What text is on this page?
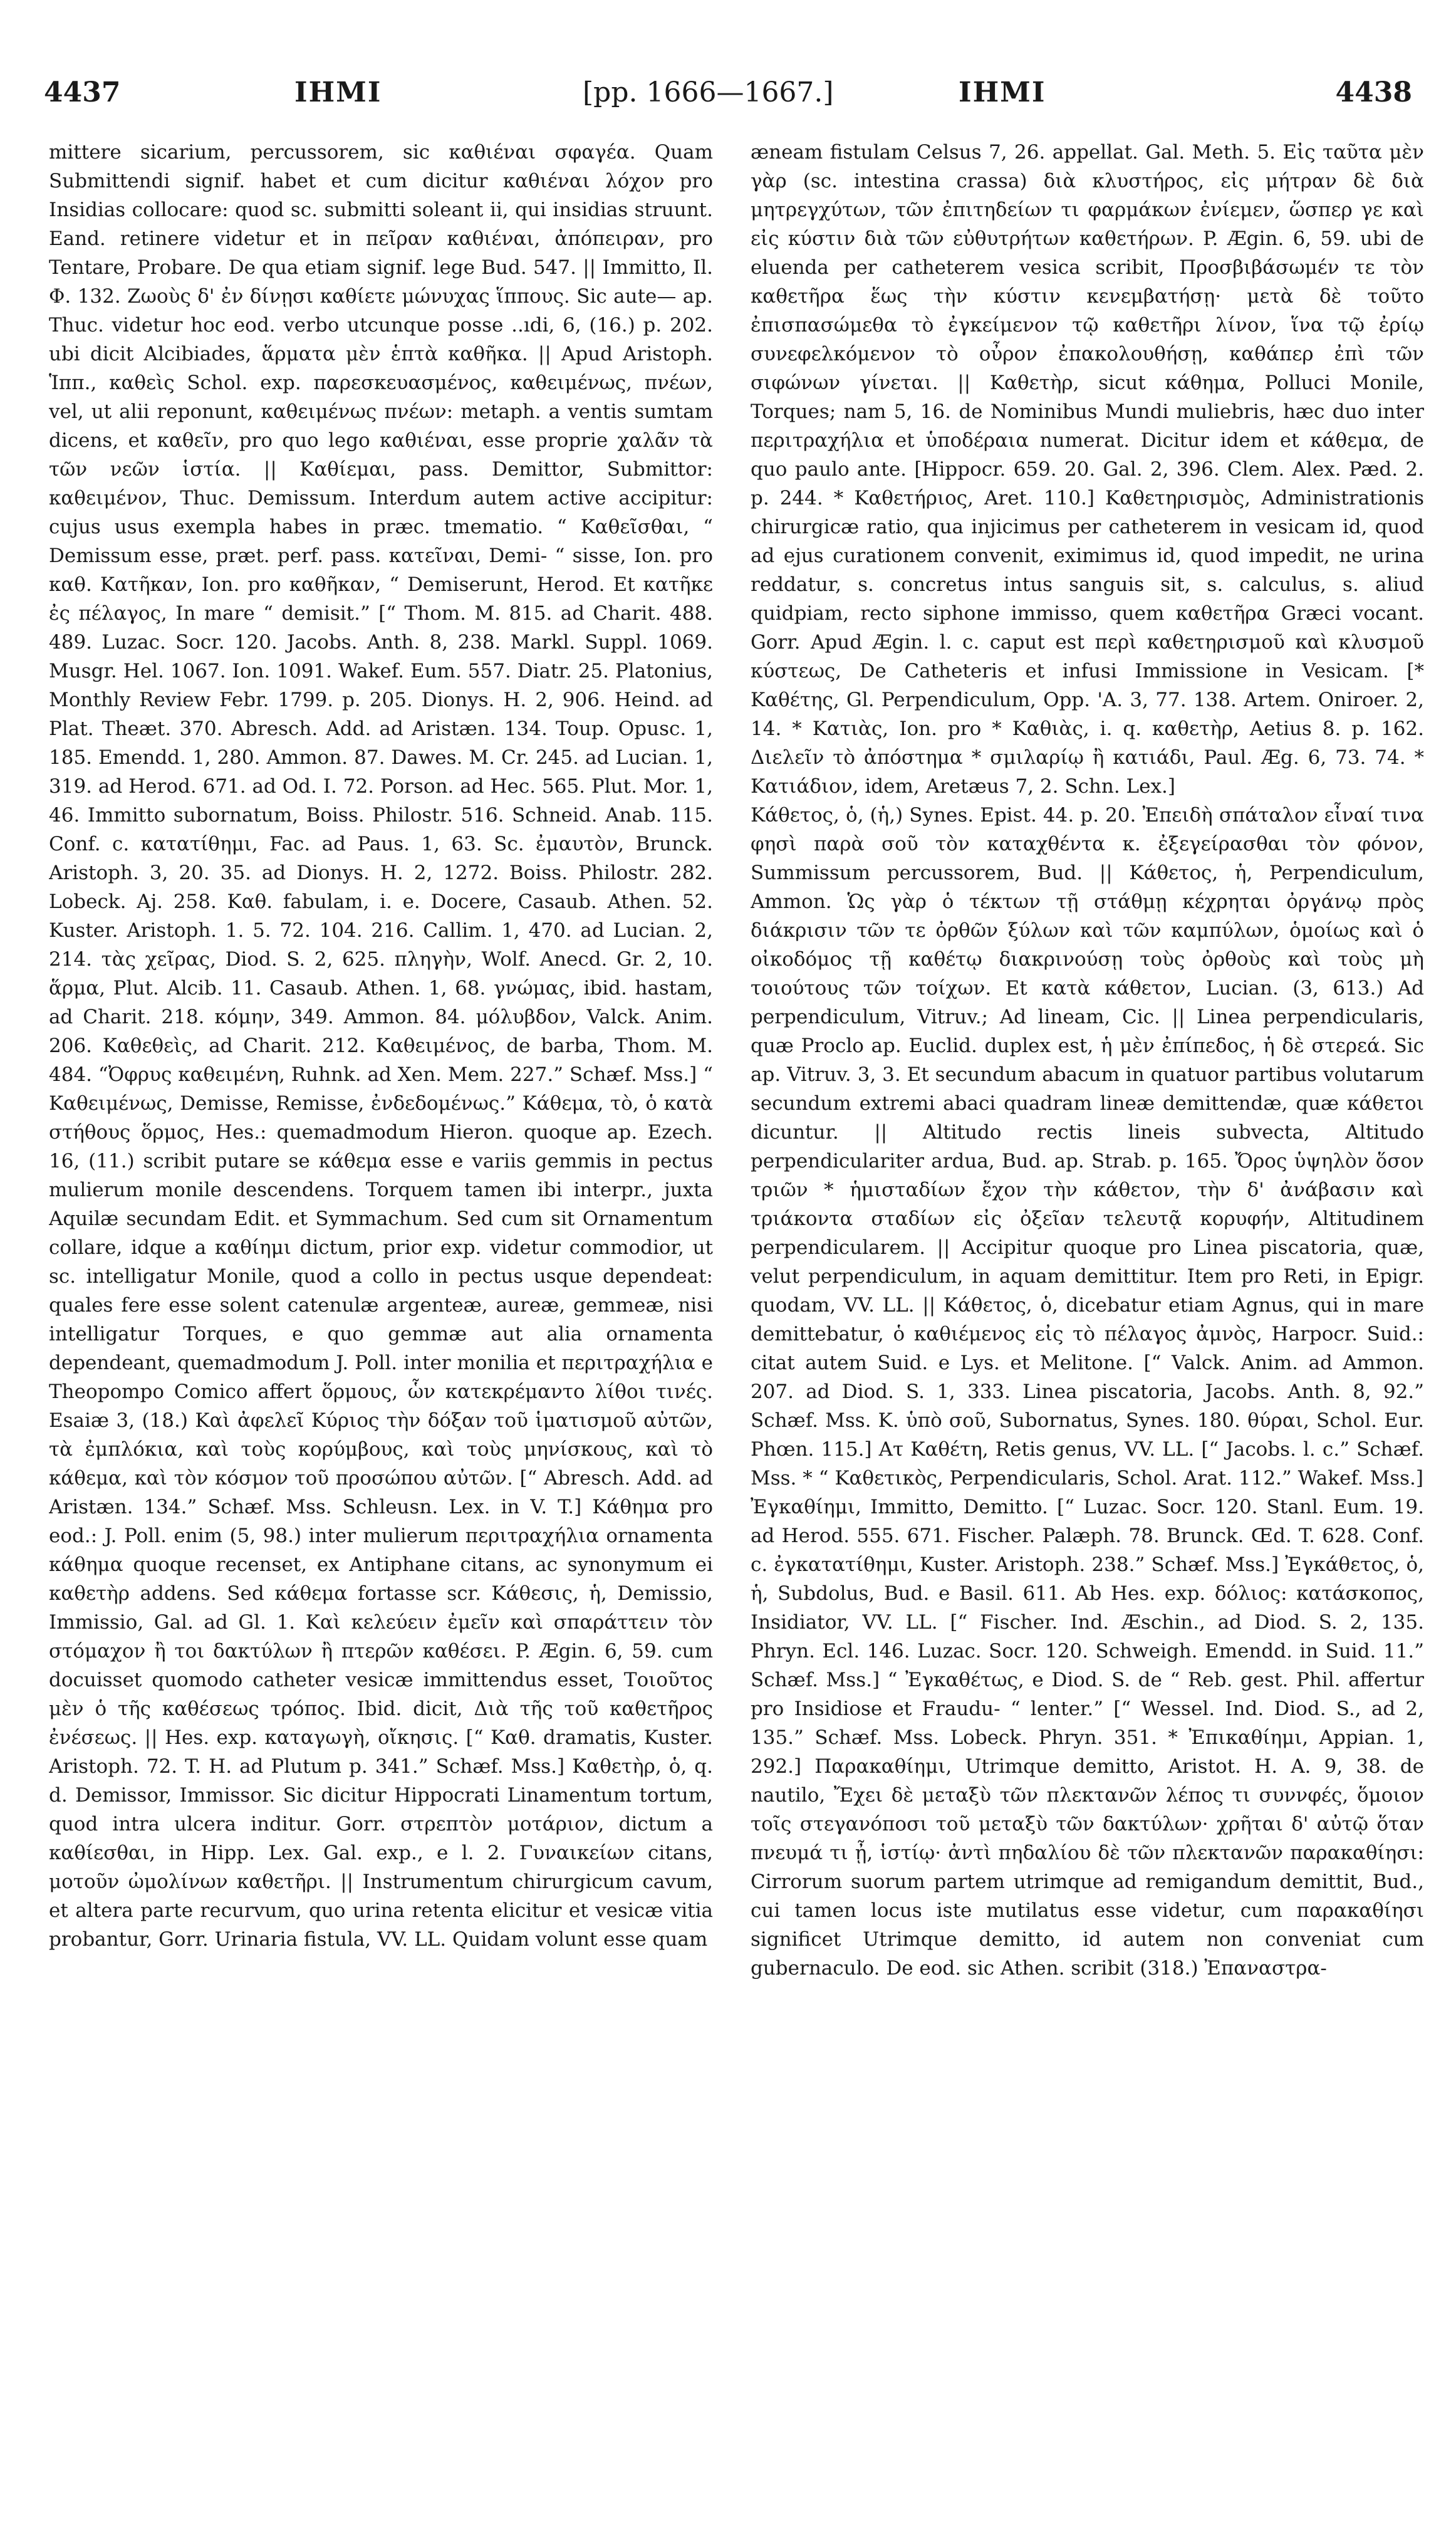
4437	ΙΗΜΙ	[pp. 1666—1667.]	ΙΗΜΙ	4438

mittere sicarium, percussorem, sic καθιέναι σφαγέα. Quam Submittendi signif. habet et cum dicitur καθιέναι λόχον pro Insidias collocare: quod sc. submitti soleant ii, qui insidias struunt. Eand. retinere videtur et in πεῖραν καθιέναι, ἀπόπειραν, pro Tentare, Probare. De qua etiam signif. lege Bud. 547. || Immitto, Il. Φ. 132. Ζωοὺς δ' ἐν δίνῃσι καθίετε μώνυχας ἵππους. Sic aute— ap. Thuc. videtur hoc eod. verbo utcunque posse ..ıdi, 6, (16.) p. 202. ubi dicit Alcibiades, ἅρματα μὲν ἑπτὰ καθῆκα. || Apud Aristoph. Ἱππ., καθεὶς Schol. exp. παρεσκευασμένος, καθειμένως, πνέων, vel, ut alii reponunt, καθειμένως πνέων: metaph. a ventis sumtam dicens, et καθεῖν, pro quo lego καθιέναι, esse proprie χαλᾶν τὰ τῶν νεῶν ἱστία. || Καθίεμαι, pass. Demittor, Submittor: καθειμένον, Thuc. Demissum. Interdum autem active accipitur: cujus usus exempla habes in præc. tmematio. “ Καθεῖσθαι, “ Demissum esse, præt. perf. pass. κατεῖναι, Demi- “ sisse, Ion. pro καθ. Κατῆκαν, Ion. pro καθῆκαν, “ Demiserunt, Herod. Et κατῆκε ἐς πέλαγος, In mare “ demisit.” [“ Thom. M. 815. ad Charit. 488. 489. Luzac. Socr. 120. Jacobs. Anth. 8, 238. Markl. Suppl. 1069. Musgr. Hel. 1067. Ion. 1091. Wakef. Eum. 557. Diatr. 25. Platonius, Monthly Review Febr. 1799. p. 205. Dionys. H. 2, 906. Heind. ad Plat. Theæt. 370. Abresch. Add. ad Aristæn. 134. Toup. Opusc. 1, 185. Emendd. 1, 280. Ammon. 87. Dawes. M. Cr. 245. ad Lucian. 1, 319. ad Herod. 671. ad Od. I. 72. Porson. ad Hec. 565. Plut. Mor. 1, 46. Immitto subornatum, Boiss. Philostr. 516. Schneid. Anab. 115. Conf. c. κατατίθημι, Fac. ad Paus. 1, 63. Sc. ἐμαυτὸν, Brunck. Aristoph. 3, 20. 35. ad Dionys. H. 2, 1272. Boiss. Philostr. 282. Lobeck. Aj. 258. Καθ. fabulam, i. e. Docere, Casaub. Athen. 52. Kuster. Aristoph. 1. 5. 72. 104. 216. Callim. 1, 470. ad Lucian. 2, 214. τὰς χεῖρας, Diod. S. 2, 625. πληγὴν, Wolf. Anecd. Gr. 2, 10. ἅρμα, Plut. Alcib. 11. Casaub. Athen. 1, 68. γνώμας, ibid. hastam, ad Charit. 218. κόμην, 349. Ammon. 84. μόλυβδον, Valck. Anim. 206. Καθεθεὶς, ad Charit. 212. Καθειμένος, de barba, Thom. M. 484. “Ὀφρυς καθειμένη, Ruhnk. ad Xen. Mem. 227.” Schæf. Mss.] “ Καθειμένως, Demisse, Remisse, ἐνδεδομένως.” Κάθεμα, τὸ, ὁ κατὰ στήθους ὅρμος, Hes.: quemadmodum Hieron. quoque ap. Ezech. 16, (11.) scribit putare se κάθεμα esse e variis gemmis in pectus mulierum monile descendens. Torquem tamen ibi interpr., juxta Aquilæ secundam Edit. et Symmachum. Sed cum sit Ornamentum collare, idque a καθίημι dictum, prior exp. videtur commodior, ut sc. intelligatur Monile, quod a collo in pectus usque dependeat: quales fere esse solent catenulæ argenteæ, aureæ, gemmeæ, nisi intelligatur Torques, e quo gemmæ aut alia ornamenta dependeant, quemadmodum J. Poll. inter monilia et περιτραχήλια e Theopompo Comico affert ὅρμους, ὧν κατεκρέμαντο λίθοι τινές. Esaiæ 3, (18.) Καὶ ἀφελεῖ Κύριος τὴν δόξαν τοῦ ἱματισμοῦ αὐτῶν, τὰ ἐμπλόκια, καὶ τοὺς κορύμβους, καὶ τοὺς μηνίσκους, καὶ τὸ κάθεμα, καὶ τὸν κόσμον τοῦ προσώπου αὐτῶν. [“ Abresch. Add. ad Aristæn. 134.” Schæf. Mss. Schleusn. Lex. in V. T.] Κάθημα pro eod.: J. Poll. enim (5, 98.) inter mulierum περιτραχήλια ornamenta κάθημα quoque recenset, ex Antiphane citans, ac synonymum ei καθετὴρ addens. Sed κάθεμα fortasse scr. Κάθεσις, ἡ, Demissio, Immissio, Gal. ad Gl. 1. Καὶ κελεύειν ἐμεῖν καὶ σπαράττειν τὸν στόμαχον ἢ τοι δακτύλων ἢ πτερῶν καθέσει. P. Ægin. 6, 59. cum docuisset quomodo catheter vesicæ immittendus esset, Τοιοῦτος μὲν ὁ τῆς καθέσεως τρόπος. Ibid. dicit, Διὰ τῆς τοῦ καθετῆρος ἐνέσεως. || Hes. exp. καταγωγὴ, οἴκησις. [“ Καθ. dramatis, Kuster. Aristoph. 72. T. H. ad Plutum p. 341.” Schæf. Mss.] Καθετὴρ, ὁ, q. d. Demissor, Immissor. Sic dicitur Hippocrati Linamentum tortum, quod intra ulcera inditur. Gorr. στρεπτὸν μοτάριον, dictum a καθίεσθαι, in Hipp. Lex. Gal. exp., e l. 2. Γυναικείων citans, μοτοῦν ὠμολίνων καθετῆρι. || Instrumentum chirurgicum cavum, et altera parte recurvum, quo urina retenta elicitur et vesicæ vitia probantur, Gorr. Urinaria fistula, VV. LL. Quidam volunt esse quam

æneam fistulam Celsus 7, 26. appellat. Gal. Meth. 5. Εἰς ταῦτα μὲν γὰρ (sc. intestina crassa) διὰ κλυστήρος, εἰς μήτραν δὲ διὰ μητρεγχύτων, τῶν ἐπιτηδείων τι φαρμάκων ἐνίεμεν, ὥσπερ γε καὶ εἰς κύστιν διὰ τῶν εὐθυτρήτων καθετήρων. P. Ægin. 6, 59. ubi de eluenda per catheterem vesica scribit, Προσβιβάσωμέν τε τὸν καθετῆρα ἕως τὴν κύστιν κενεμβατήσῃ· μετὰ δὲ τοῦτο ἐπισπασώμεθα τὸ ἐγκείμενον τῷ καθετῆρι λίνον, ἵνα τῷ ἐρίῳ συνεφελκόμενον τὸ οὖρον ἐπακολουθήσῃ, καθάπερ ἐπὶ τῶν σιφώνων γίνεται. || Καθετὴρ, sicut κάθημα, Polluci Monile, Torques; nam 5, 16. de Nominibus Mundi muliebris, hæc duo inter περιτραχήλια et ὑποδέραια numerat. Dicitur idem et κάθεμα, de quo paulo ante. [Hippocr. 659. 20. Gal. 2, 396. Clem. Alex. Pæd. 2. p. 244. * Καθετήριος, Aret. 110.] Καθετηρισμὸς, Administrationis chirurgicæ ratio, qua injicimus per catheterem in vesicam id, quod ad ejus curationem convenit, eximimus id, quod impedit, ne urina reddatur, s. concretus intus sanguis sit, s. calculus, s. aliud quidpiam, recto siphone immisso, quem καθετῆρα Græci vocant. Gorr. Apud Ægin. l. c. caput est περὶ καθετηρισμοῦ καὶ κλυσμοῦ κύστεως, De Catheteris et infusi Immissione in Vesicam. [* Καθέτης, Gl. Perpendiculum, Opp. 'A. 3, 77. 138. Artem. Oniroer. 2, 14. * Κατιὰς, Ion. pro * Καθιὰς, i. q. καθετὴρ, Aetius 8. p. 162. Διελεῖν τὸ ἀπόστημα * σμιλαρίῳ ἢ κατιάδι, Paul. Æg. 6, 73. 74. * Κατιάδιον, idem, Aretæus 7, 2. Schn. Lex.]

Κάθετος, ὁ, (ἡ,) Synes. Epist. 44. p. 20. Ἐπειδὴ σπάταλον εἶναί τινα φησὶ παρὰ σοῦ τὸν καταχθέντα κ. ἐξεγείρασθαι τὸν φόνον, Summissum percussorem, Bud. || Κάθετος, ἡ, Perpendiculum, Ammon. Ὡς γὰρ ὁ τέκτων τῇ στάθμῃ κέχρηται ὀργάνῳ πρὸς διάκρισιν τῶν τε ὀρθῶν ξύλων καὶ τῶν καμπύλων, ὁμοίως καὶ ὁ οἰκοδόμος τῇ καθέτῳ διακρινούσῃ τοὺς ὀρθοὺς καὶ τοὺς μὴ τοιούτους τῶν τοίχων. Et κατὰ κάθετον, Lucian. (3, 613.) Ad perpendiculum, Vitruv.; Ad lineam, Cic. || Linea perpendicularis, quæ Proclo ap. Euclid. duplex est, ἡ μὲν ἐπίπεδος, ἡ δὲ στερεά. Sic ap. Vitruv. 3, 3. Et secundum abacum in quatuor partibus volutarum secundum extremi abaci quadram lineæ demittendæ, quæ κάθετοι dicuntur. || Altitudo rectis lineis subvecta, Altitudo perpendiculariter ardua, Bud. ap. Strab. p. 165. Ὄρος ὑψηλὸν ὅσον τριῶν * ἡμισταδίων ἔχον τὴν κάθετον, τὴν δ' ἀνάβασιν καὶ τριάκοντα σταδίων εἰς ὀξεῖαν τελευτᾷ κορυφήν, Altitudinem perpendicularem. || Accipitur quoque pro Linea piscatoria, quæ, velut perpendiculum, in aquam demittitur. Item pro Reti, in Epigr. quodam, VV. LL. || Κάθετος, ὁ, dicebatur etiam Agnus, qui in mare demittebatur, ὁ καθιέμενος εἰς τὸ πέλαγος ἀμνὸς, Harpocr. Suid.: citat autem Suid. e Lys. et Melitone. [“ Valck. Anim. ad Ammon. 207. ad Diod. S. 1, 333. Linea piscatoria, Jacobs. Anth. 8, 92.” Schæf. Mss. K. ὑπὸ σοῦ, Subornatus, Synes. 180. θύραι, Schol. Eur. Phœn. 115.] Ατ Καθέτη, Retis genus, VV. LL. [“ Jacobs. l. c.” Schæf. Mss. * “ Καθετικὸς, Perpendicularis, Schol. Arat. 112.” Wakef. Mss.]

Ἐγκαθίημι, Immitto, Demitto. [“ Luzac. Socr. 120. Stanl. Eum. 19. ad Herod. 555. 671. Fischer. Palæph. 78. Brunck. Œd. T. 628. Conf. c. ἐγκατατίθημι, Kuster. Aristoph. 238.” Schæf. Mss.] Ἐγκάθετος, ὁ, ἡ, Subdolus, Bud. e Basil. 611. Ab Hes. exp. δόλιος: κατάσκοπος, Insidiator, VV. LL. [“ Fischer. Ind. Æschin., ad Diod. S. 2, 135. Phryn. Ecl. 146. Luzac. Socr. 120. Schweigh. Emendd. in Suid. 11.” Schæf. Mss.] “ Ἐγκαθέτως, e Diod. S. de “ Reb. gest. Phil. affertur pro Insidiose et Fraudu- “ lenter.” [“ Wessel. Ind. Diod. S., ad 2, 135.” Schæf. Mss. Lobeck. Phryn. 351. * Ἐπικαθίημι, Appian. 1, 292.] Παρακαθίημι, Utrimque demitto, Aristot. H. A. 9, 38. de nautilo, Ἔχει δὲ μεταξὺ τῶν πλεκτανῶν λέπος τι συννφές, ὅμοιον τοῖς στεγανόποσι τοῦ μεταξὺ τῶν δακτύλων· χρῆται δ' αὐτῷ ὅταν πνευμά τι ᾖ, ἱστίῳ· ἀντὶ πηδαλίου δὲ τῶν πλεκτανῶν παρακαθίησι: Cirrorum suorum partem utrimque ad remigandum demittit, Bud., cui tamen locus iste mutilatus esse videtur, cum παρακαθίησι significet Utrimque demitto, id autem non conveniat cum gubernaculo. De eod. sic Athen. scribit (318.) Ἐπαναστρα-
